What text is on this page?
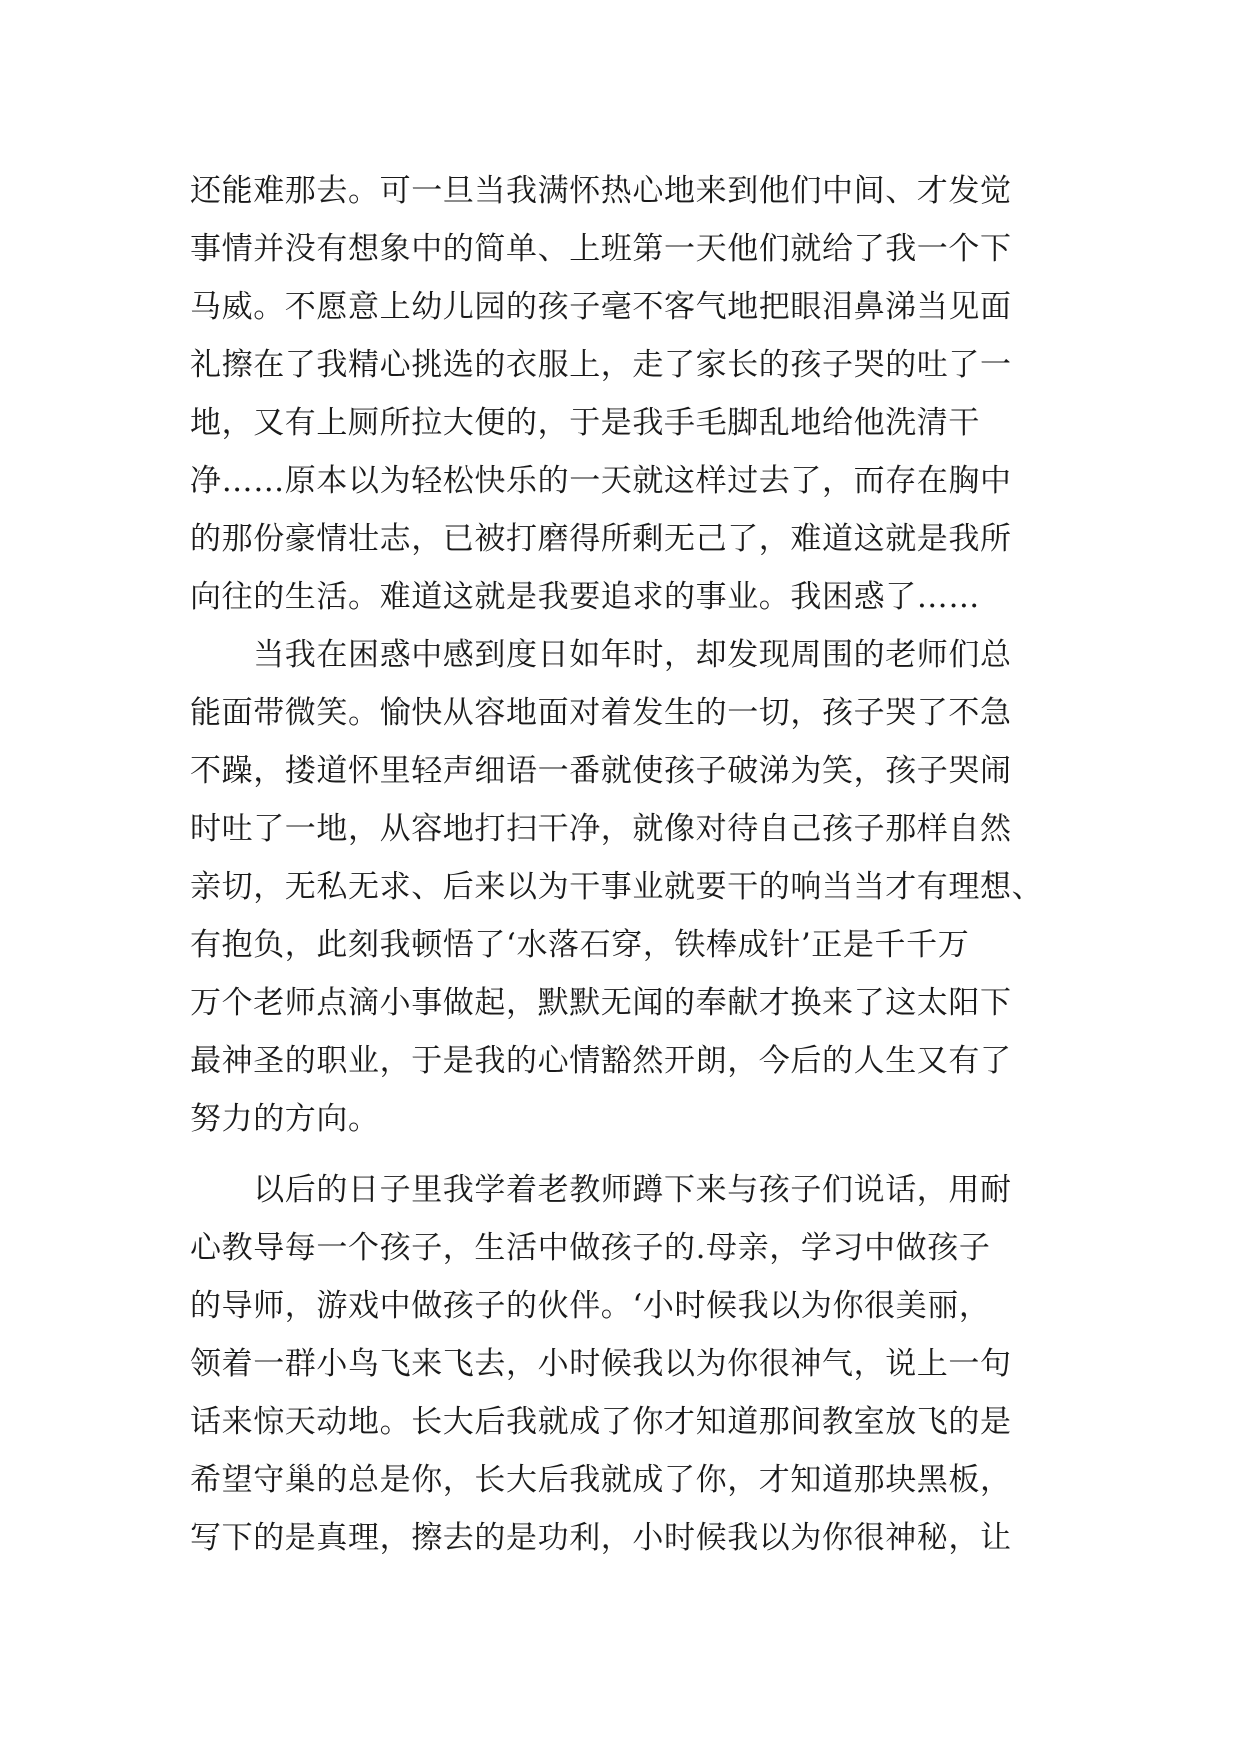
还能难那去。可一旦当我满怀热心地来到他们中间、才发觉
事情并没有想象中的简单、上班第一天他们就给了我一个下
马威。不愿意上幼儿园的孩子毫不客气地把眼泪鼻涕当见面
礼擦在了我精心挑选的衣服上，走了家长的孩子哭的吐了一
地，又有上厕所拉大便的，于是我手毛脚乱地给他洗清干
净……原本以为轻松快乐的一天就这样过去了，而存在胸中
的那份豪情壮志，已被打磨得所剩无己了，难道这就是我所
向往的生活。难道这就是我要追求的事业。我困惑了……
　　当我在困惑中感到度日如年时，却发现周围的老师们总
能面带微笑。愉快从容地面对着发生的一切，孩子哭了不急
不躁，搂道怀里轻声细语一番就使孩子破涕为笑，孩子哭闹
时吐了一地，从容地打扫干净，就像对待自己孩子那样自然
亲切，无私无求、后来以为干事业就要干的响当当才有理想、
有抱负，此刻我顿悟了‘水落石穿，铁棒成针’正是千千万
万个老师点滴小事做起，默默无闻的奉献才换来了这太阳下
最神圣的职业，于是我的心情豁然开朗，今后的人生又有了
努力的方向。
　　以后的日子里我学着老教师蹲下来与孩子们说话，用耐
心教导每一个孩子，生活中做孩子的.母亲，学习中做孩子
的导师，游戏中做孩子的伙伴。‘小时候我以为你很美丽，
领着一群小鸟飞来飞去，小时候我以为你很神气，说上一句
话来惊天动地。长大后我就成了你才知道那间教室放飞的是
希望守巢的总是你，长大后我就成了你，才知道那块黑板，
写下的是真理，擦去的是功利，小时候我以为你很神秘，让
